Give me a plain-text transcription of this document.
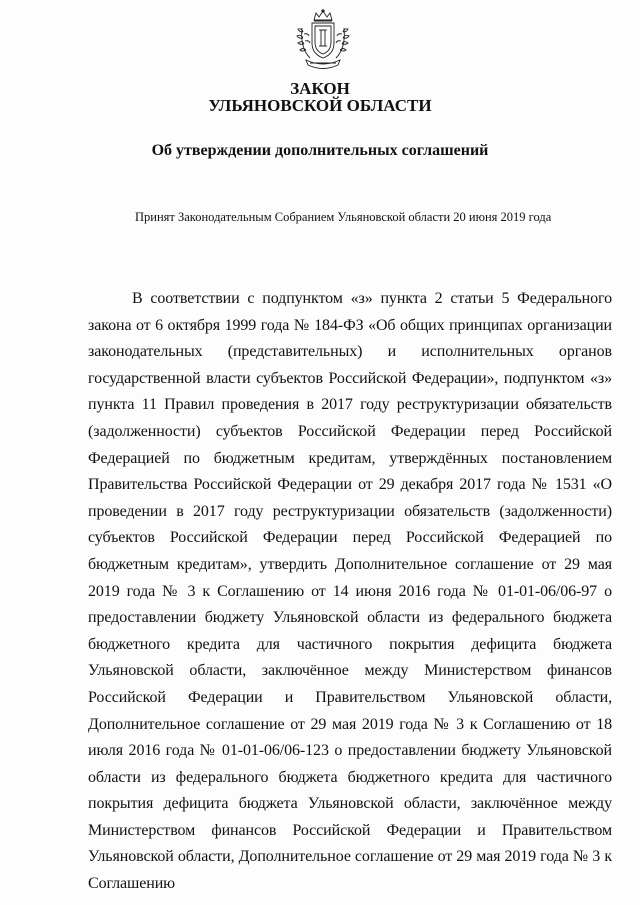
ЗАКОН
УЛЬЯНОВСКОЙ ОБЛАСТИ
Об утверждении дополнительных соглашений
Принят Законодательным Собранием Ульяновской области 20 июня 2019 года

В соответствии с подпунктом «з» пункта 2 статьи 5 Федерального закона от 6 октября 1999 года № 184-ФЗ «Об общих принципах организации законодательных (представительных) и исполнительных органов государственной власти субъектов Российской Федерации», подпунктом «з» пункта 11 Правил проведения в 2017 году реструктуризации обязательств (задолженности) субъектов Российской Федерации перед Российской Федерацией по бюджетным кредитам, утверждённых постановлением Правительства Российской Федерации от 29 декабря 2017 года № 1531 «О проведении в 2017 году реструктуризации обязательств (задолженности) субъектов Российской Федерации перед Российской Федерацией по бюджетным кредитам», утвердить Дополнительное соглашение от 29 мая 2019 года № 3 к Соглашению от 14 июня 2016 года № 01-01-06/06-97 о предоставлении бюджету Ульяновской области из федерального бюджета бюджетного кредита для частичного покрытия дефицита бюджета Ульяновской области, заключённое между Министерством финансов Российской Федерации и Правительством Ульяновской области, Дополнительное соглашение от 29 мая 2019 года № 3 к Соглашению от 18 июля 2016 года № 01-01-06/06-123 о предоставлении бюджету Ульяновской области из федерального бюджета бюджетного кредита для частичного покрытия дефицита бюджета Ульяновской области, заключённое между Министерством финансов Российской Федерации и Правительством Ульяновской области, Дополнительное соглашение от 29 мая 2019 года № 3 к Соглашению
